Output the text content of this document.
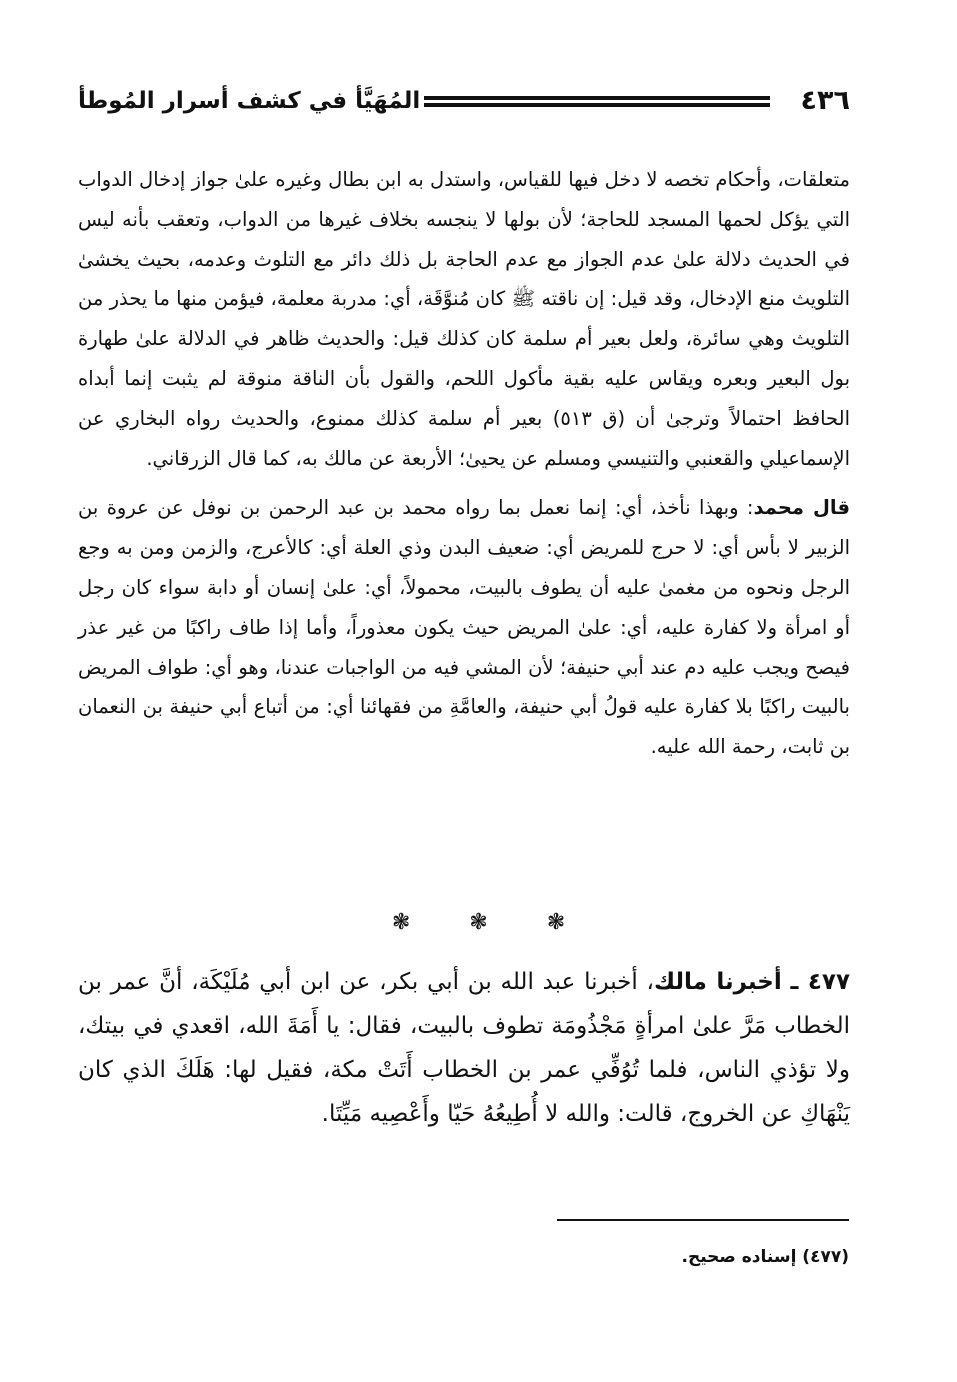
٤٣٦
المُهَيَّأ في كشف أسرار المُوطأ

متعلقات، وأحكام تخصه لا دخل فيها للقياس، واستدل به ابن بطال وغيره علىٰ جواز إدخال الدواب التي يؤكل لحمها المسجد للحاجة؛ لأن بولها لا ينجسه بخلاف غيرها من الدواب، وتعقب بأنه ليس في الحديث دلالة علىٰ عدم الجواز مع عدم الحاجة بل ذلك دائر مع التلوث وعدمه، بحيث يخشىٰ التلويث منع الإدخال، وقد قيل: إن ناقته ﷺ كان مُنوَّقَة، أي: مدربة معلمة، فيؤمن منها ما يحذر من التلويث وهي سائرة، ولعل بعير أم سلمة كان كذلك قيل: والحديث ظاهر في الدلالة علىٰ طهارة بول البعير وبعره ويقاس عليه بقية مأكول اللحم، والقول بأن الناقة منوقة لم يثبت إنما أبداه الحافظ احتمالاً وترجىٰ أن (ق ٥١٣) بعير أم سلمة كذلك ممنوع، والحديث رواه البخاري عن الإسماعيلي والقعنبي والتنيسي ومسلم عن يحيىٰ؛ الأربعة عن مالك به، كما قال الزرقاني.

قال محمد: وبهذا نأخذ، أي: إنما نعمل بما رواه محمد بن عبد الرحمن بن نوفل عن عروة بن الزبير لا بأس أي: لا حرج للمريض أي: ضعيف البدن وذي العلة أي: كالأعرج، والزمن ومن به وجع الرجل ونحوه من مغمىٰ عليه أن يطوف بالبيت، محمولاً، أي: علىٰ إنسان أو دابة سواء كان رجل أو امرأة ولا كفارة عليه، أي: علىٰ المريض حيث يكون معذوراً، وأما إذا طاف راكبًا من غير عذر فيصح ويجب عليه دم عند أبي حنيفة؛ لأن المشي فيه من الواجبات عندنا، وهو أي: طواف المريض بالبيت راكبًا بلا كفارة عليه قولُ أبي حنيفة، والعامَّةِ من فقهائنا أي: من أتباع أبي حنيفة بن النعمان بن ثابت، رحمة الله عليه.

❃ ❃ ❃

٤٧٧ ـ أخبرنا مالك، أخبرنا عبد الله بن أبي بكر، عن ابن أبي مُلَيْكَة، أنَّ عمر بن الخطاب مَرَّ علىٰ امرأةٍ مَجْذُومَة تطوف بالبيت، فقال: يا أَمَةَ الله، اقعدي في بيتك، ولا تؤذي الناس، فلما تُوُفِّي عمر بن الخطاب أَتَتْ مكة، فقيل لها: هَلَكَ الذي كان يَنْهَاكِ عن الخروج، قالت: والله لا أُطِيعُهُ حَيّا وأَعْصِيه مَيِّتَا.

(٤٧٧) إسناده صحيح.
